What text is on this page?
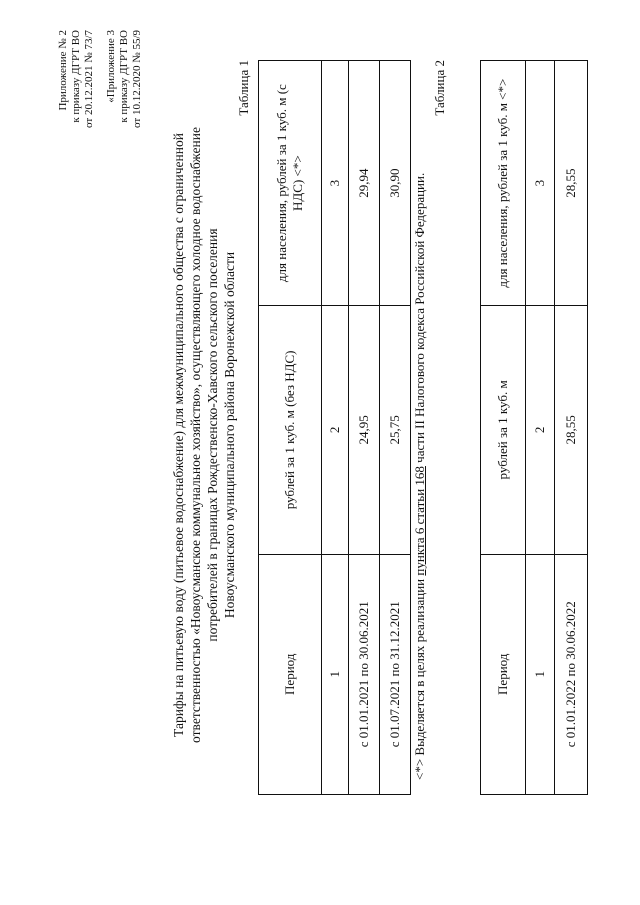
Приложение № 2 к приказу ДГРТ ВО от 20.12.2021 № 73/7 «Приложение 3 к приказу ДГРТ ВО от 10.12.2020 № 55/9
Тарифы на питьевую воду (питьевое водоснабжение) для межмуниципального общества с ограниченной ответственностью «Новоусманское коммунальное хозяйство», осуществляющего холодное водоснабжение потребителей в границах Рождественско-Хавского сельского поселения Новоусманского муниципального района Воронежской области
Таблица 1
Период	рублей за 1 куб. м (без НДС)	для населения, рублей за 1 куб. м (с НДС) <*>
1	2	3
с 01.01.2021 по 30.06.2021	24,95	29,94
с 01.07.2021 по 31.12.2021	25,75	30,90
<*> Выделяется в целях реализации пункта 6 статьи 168 части II Налогового кодекса Российской Федерации.
Таблица 2
Период	рублей за 1 куб. м	для населения, рублей за 1 куб. м <*>
1	2	3
с 01.01.2022 по 30.06.2022	28,55	28,55
